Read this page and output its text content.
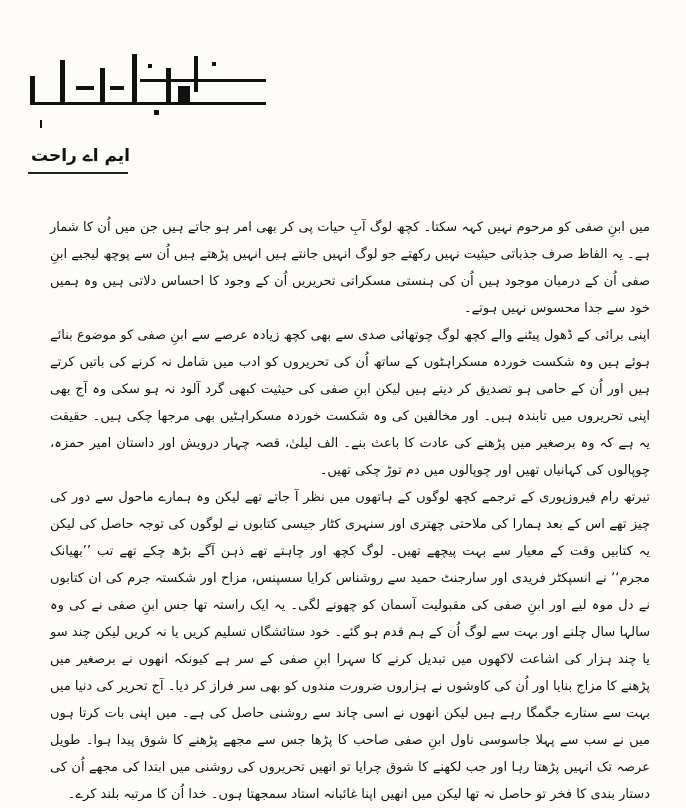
ایم اے راحت

میں ابنِ صفی کو مرحوم نہیں کہہ سکتا۔ کچھ لوگ آبِ حیات پی کر بھی امر ہو جاتے ہیں جن میں اُن کا شمار ہے۔ یہ الفاظ صرف جذباتی حیثیت نہیں رکھتے جو لوگ انہیں جانتے ہیں انہیں پڑھتے ہیں اُن سے پوچھ لیجیے ابنِ صفی اُن کے درمیان موجود ہیں اُن کی ہنستی مسکراتی تحریریں اُن کے وجود کا احساس دلاتی ہیں وہ ہمیں خود سے جدا محسوس نہیں ہوتے۔

اپنی برائی کے ڈھول پیٹنے والے کچھ لوگ چوتھائی صدی سے بھی کچھ زیادہ عرصے سے ابنِ صفی کو موضوع بنائے ہوئے ہیں وہ شکست خوردہ مسکراہٹوں کے ساتھ اُن کی تحریروں کو ادب میں شامل نہ کرنے کی باتیں کرتے ہیں اور اُن کے حامی ہو تصدیق کر دیتے ہیں لیکن ابنِ صفی کی حیثیت کبھی گرد آلود نہ ہو سکی وہ آج بھی اپنی تحریروں میں تابندہ ہیں۔ اور مخالفین کی وہ شکست خوردہ مسکراہٹیں بھی مرجھا چکی ہیں۔ حقیقت یہ ہے کہ وہ برصغیر میں پڑھنے کی عادت کا باعث بنے۔ الف لیلیٰ، قصہ چہار درویش اور داستان امیر حمزہ، چوپالوں کی کہانیاں تھیں اور چوپالوں میں دم توڑ چکی تھیں۔

تیرتھ رام فیروزپوری کے ترجمے کچھ لوگوں کے ہاتھوں میں نظر آ جاتے تھے لیکن وہ ہمارے ماحول سے دور کی چیز تھے اس کے بعد ہمارا کی ملاحتی چھتری اور سنہری کٹار جیسی کتابوں نے لوگوں کی توجہ حاصل کی لیکن یہ کتابیں وقت کے معیار سے بہت پیچھے تھیں۔ لوگ کچھ اور چاہتے تھے ذہن آگے بڑھ چکے تھے تب ’’بھیانک مجرم‘‘ نے انسپکٹر فریدی اور سارجنٹ حمید سے روشناس کرایا سسپنس، مزاح اور شکستہ جرم کی ان کتابوں نے دل موہ لیے اور ابنِ صفی کی مقبولیت آسمان کو چھونے لگی۔ یہ ایک راستہ تھا جس ابنِ صفی نے کی وہ سالہا سال چلنے اور بہت سے لوگ اُن کے ہم قدم ہو گئے۔ خود ستائشگاں تسلیم کریں یا نہ کریں لیکن چند سو یا چند ہزار کی اشاعت لاکھوں میں تبدیل کرنے کا سہرا ابنِ صفی کے سر ہے کیونکہ انھوں نے برصغیر میں پڑھنے کا مزاج بنایا اور اُن کی کاوشوں نے ہزاروں ضرورت مندوں کو بھی سر فراز کر دیا۔ آج تحریر کی دنیا میں بہت سے ستارے جگمگا رہے ہیں لیکن انھوں نے اسی چاند سے روشنی حاصل کی ہے۔ میں اپنی بات کرتا ہوں میں نے سب سے پہلا جاسوسی ناول ابنِ صفی صاحب کا پڑھا جس سے مجھے پڑھنے کا شوق پیدا ہوا۔ طویل عرصہ تک انہیں پڑھتا رہا اور جب لکھنے کا شوق چرایا تو انھیں تحریروں کی روشنی میں ابتدا کی مجھے اُن کی دستار بندی کا فخر تو حاصل نہ تھا لیکن میں انھیں اپنا غائبانہ استاد سمجھتا ہوں۔ خدا اُن کا مرتبہ بلند کرے۔
